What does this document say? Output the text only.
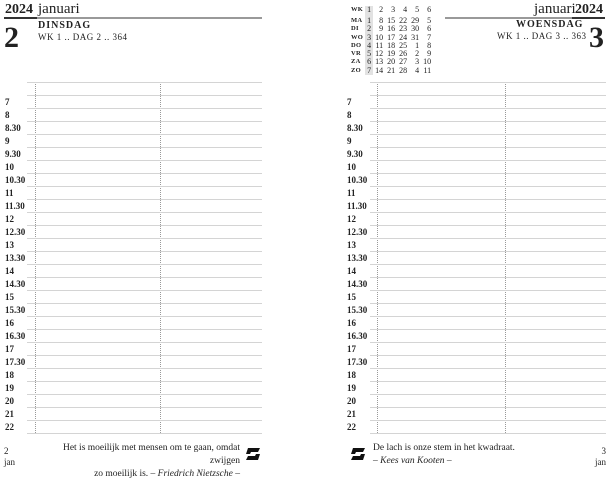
2024 januari
2 DINSDAG
WK 1 .. DAG 2 .. 364
7
8
8.30
9
9.30
10
10.30
11
11.30
12
12.30
13
13.30
14
14.30
15
15.30
16
16.30
17
17.30
18
19
20
21
22
Het is moeilijk met mensen om te gaan, omdat zwijgen
zo moeilijk is. – Friedrich Nietzsche –
2
jan
WK	1	2	3	4	5	6
MA	1	8	15	22	29	5
DI	2	9	16	23	30	6
WO	3	10	17	24	31	7
DO	4	11	18	25	1	8
VR	5	12	19	26	2	9
ZA	6	13	20	27	3	10
ZO	7	14	21	28	4	11
januari 2024
WOENSDAG
WK 1 .. DAG 3 .. 363 3
7
8
8.30
9
9.30
10
10.30
11
11.30
12
12.30
13
13.30
14
14.30
15
15.30
16
16.30
17
17.30
18
19
20
21
22
De lach is onze stem in het kwadraat.
– Kees van Kooten –
3
jan
